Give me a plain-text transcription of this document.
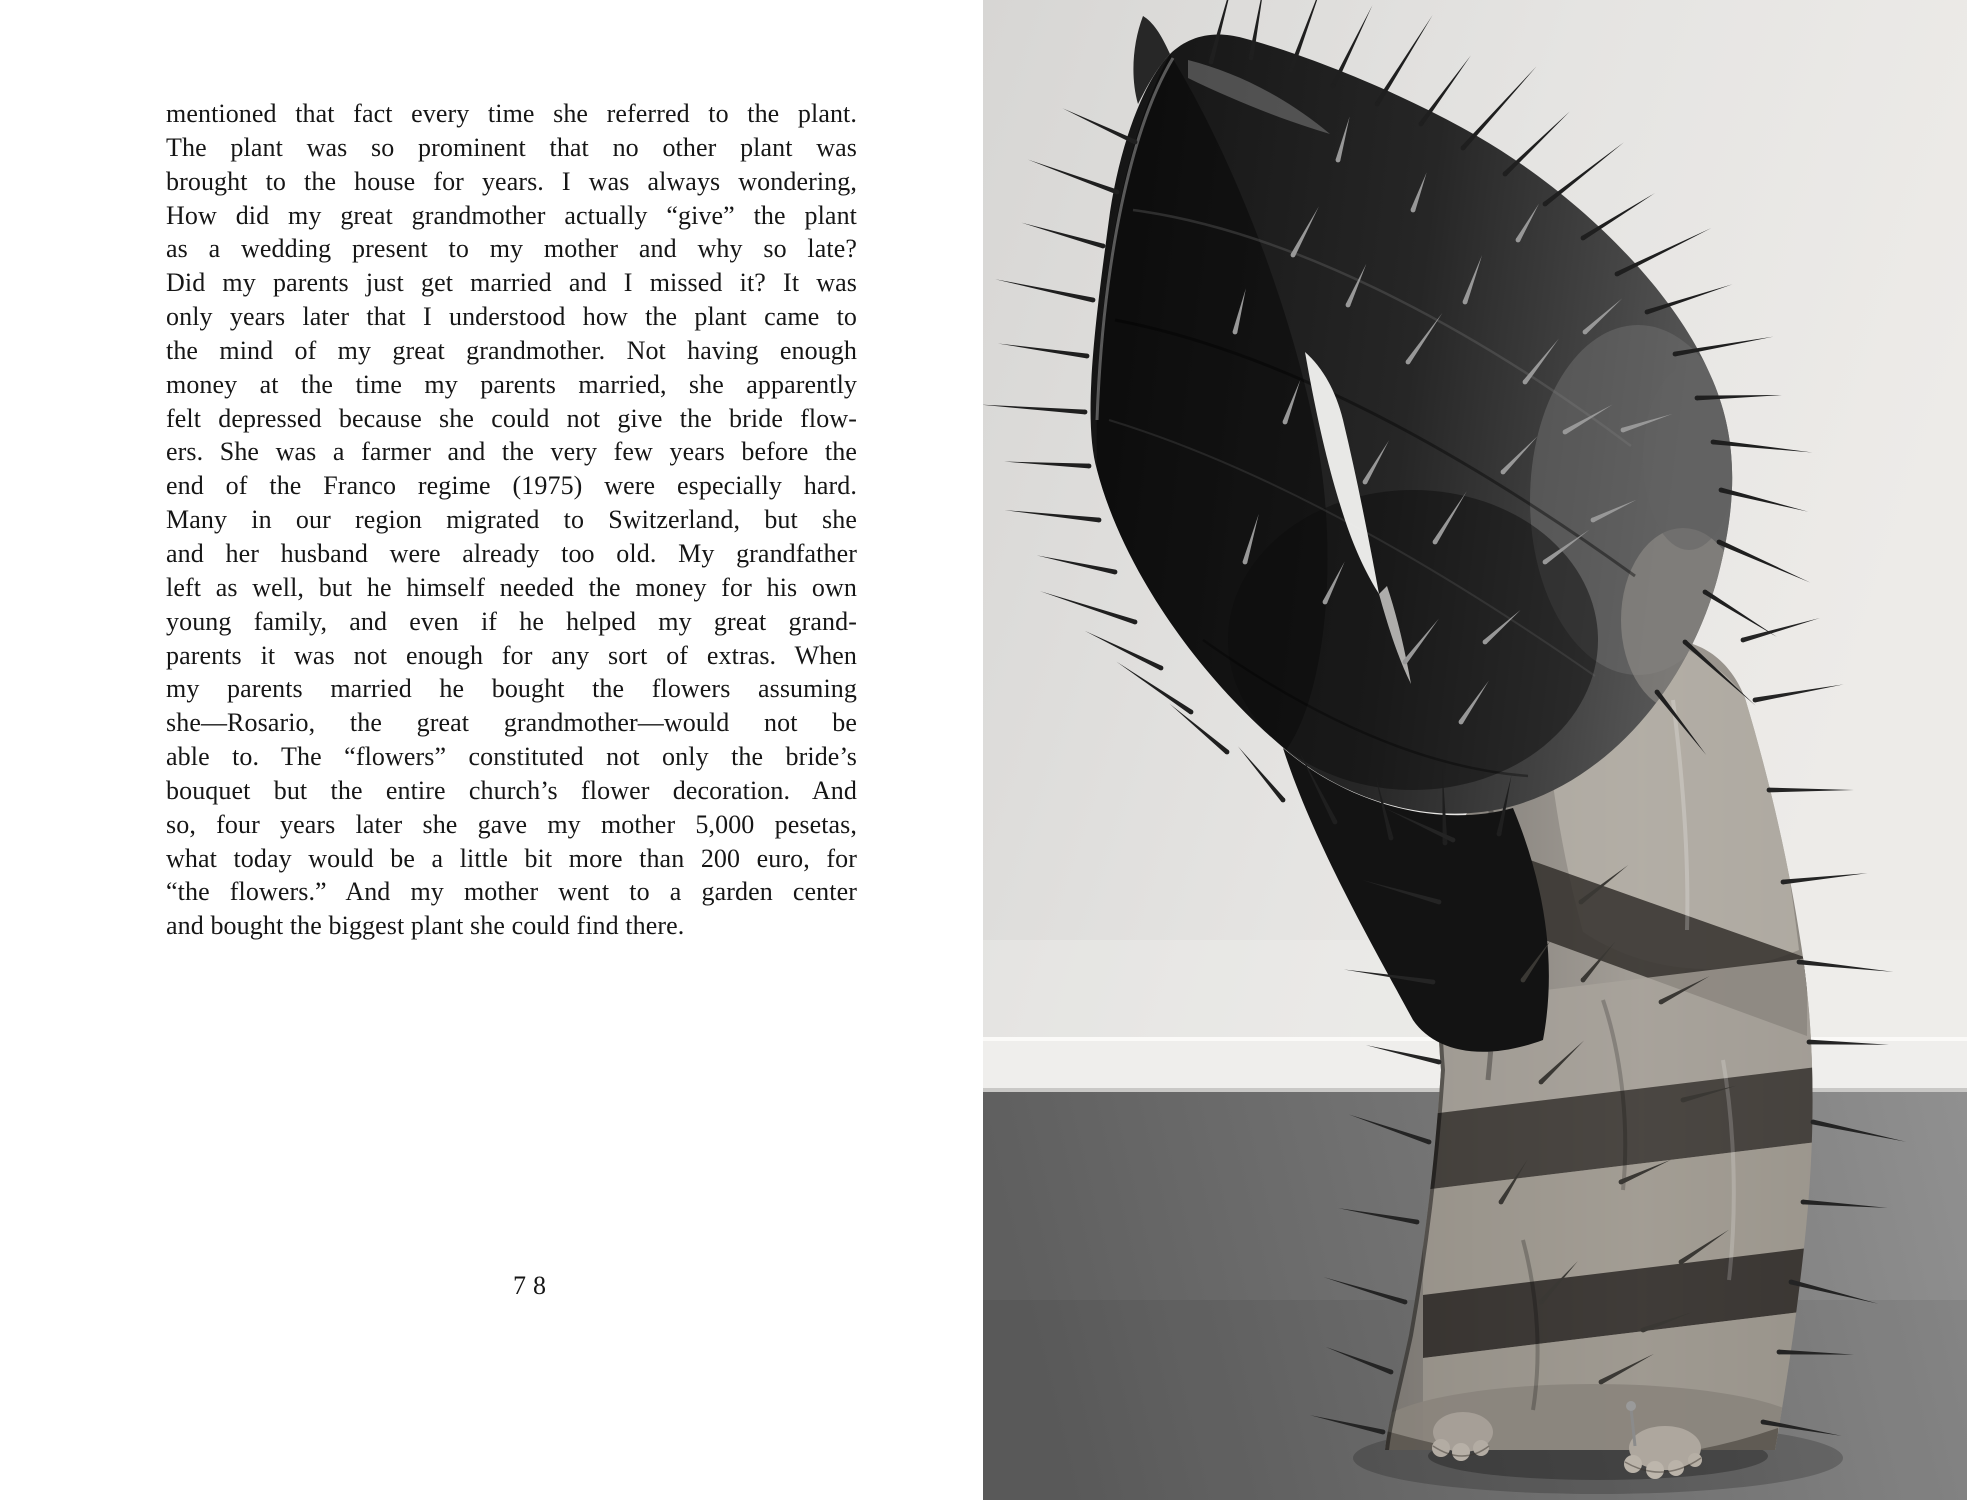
mentioned that fact every time she referred to the plant.
The plant was so prominent that no other plant was
brought to the house for years. I was always wondering,
How did my great grandmother actually “give” the plant
as a wedding present to my mother and why so late?
Did my parents just get married and I missed it? It was
only years later that I understood how the plant came to
the mind of my great grandmother. Not having enough
money at the time my parents married, she apparently
felt depressed because she could not give the bride flow-
ers. She was a farmer and the very few years before the
end of the Franco regime (1975) were especially hard.
Many in our region migrated to Switzerland, but she
and her husband were already too old. My grandfather
left as well, but he himself needed the money for his own
young family, and even if he helped my great grand-
parents it was not enough for any sort of extras. When
my parents married he bought the flowers assuming
she—Rosario, the great grandmother—would not be
able to. The “flowers” constituted not only the bride’s
bouquet but the entire church’s flower decoration. And
so, four years later she gave my mother 5,000 pesetas,
what today would be a little bit more than 200 euro, for
“the flowers.” And my mother went to a garden center
and bought the biggest plant she could find there.
78
